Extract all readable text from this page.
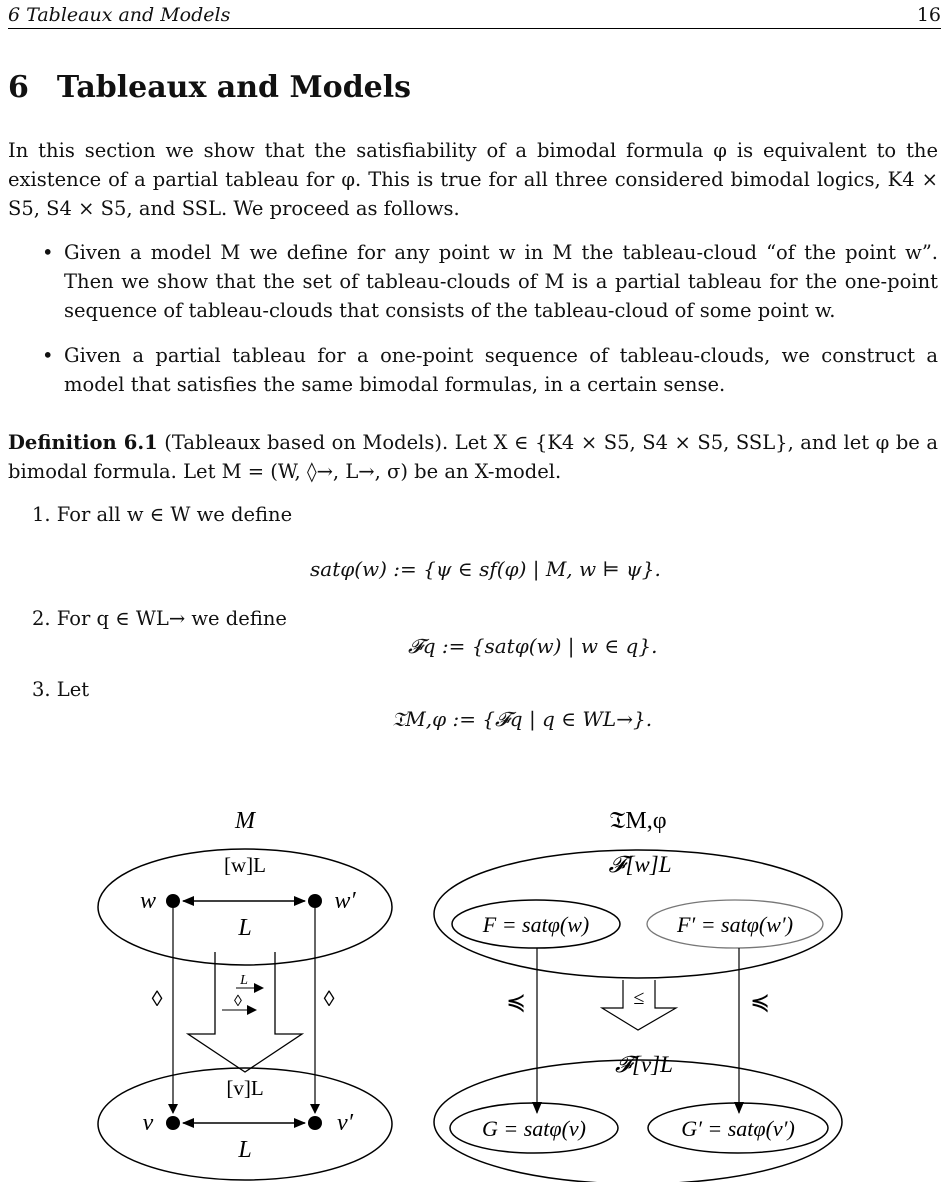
6 Tableaux and Models	16
6 Tableaux and Models

In this section we show that the satisfiability of a bimodal formula φ is equivalent to the existence of a partial tableau for φ. This is true for all three considered bimodal logics, K4 × S5, S4 × S5, and SSL. We proceed as follows.

• Given a model M we define for any point w in M the tableau-cloud “of the point w”. Then we show that the set of tableau-clouds of M is a partial tableau for the one-point sequence of tableau-clouds that consists of the tableau-cloud of some point w.
• Given a partial tableau for a one-point sequence of tableau-clouds, we construct a model that satisfies the same bimodal formulas, in a certain sense.

Definition 6.1 (Tableaux based on Models). Let X ∈ {K4 × S5, S4 × S5, SSL}, and let φ be a bimodal formula. Let M = (W, ◊→, L→, σ) be an X-model.

1. For all w ∈ W we define
satφ(w) := {ψ ∈ sf(φ) | M, w ⊨ ψ}.
2. For q ∈ WL→ we define
𝓕q := {satφ(w) | w ∈ q}.
3. Let
𝔗M,φ := {𝓕q | q ∈ WL→}.
M
[w]L
w	w′
L
◊	◊
L
◊
[v]L
v	v′
L
𝔗M,φ
𝓕[w]L
F = satφ(w)	F′ = satφ(w′)
≼	≼
≤
𝓕[v]L
G = satφ(v)	G′ = satφ(v′)
